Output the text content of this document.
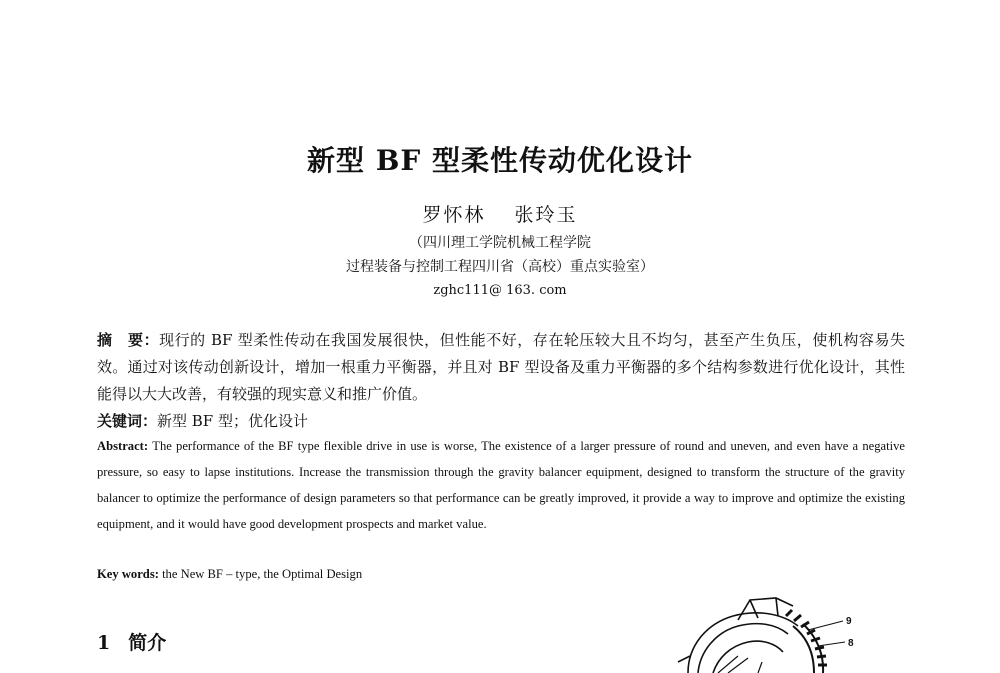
新型 BF 型柔性传动优化设计
罗怀林　 张玲玉
（四川理工学院机械工程学院
过程装备与控制工程四川省（高校）重点实验室）
zghc111@ 163. com
摘　要：现行的 BF 型柔性传动在我国发展很快，但性能不好，存在轮压较大且不均匀，甚至产生负压，使机构容易失效。通过对该传动创新设计，增加一根重力平衡器，并且对 BF 型设备及重力平衡器的多个结构参数进行优化设计，其性能得以大大改善，有较强的现实意义和推广价值。
关键词：新型 BF 型；优化设计
Abstract: The performance of the BF type flexible drive in use is worse, The existence of a larger pressure of round and uneven, and even have a negative pressure, so easy to lapse institutions. Increase the transmission through the gravity balancer equipment, designed to transform the structure of the gravity balancer to optimize the performance of design parameters so that performance can be greatly improved, it provide a way to improve and optimize the existing equipment, and it would have good development prospects and market value.
Key words: the New BF – type, the Optimal Design
1 简介
9
8
